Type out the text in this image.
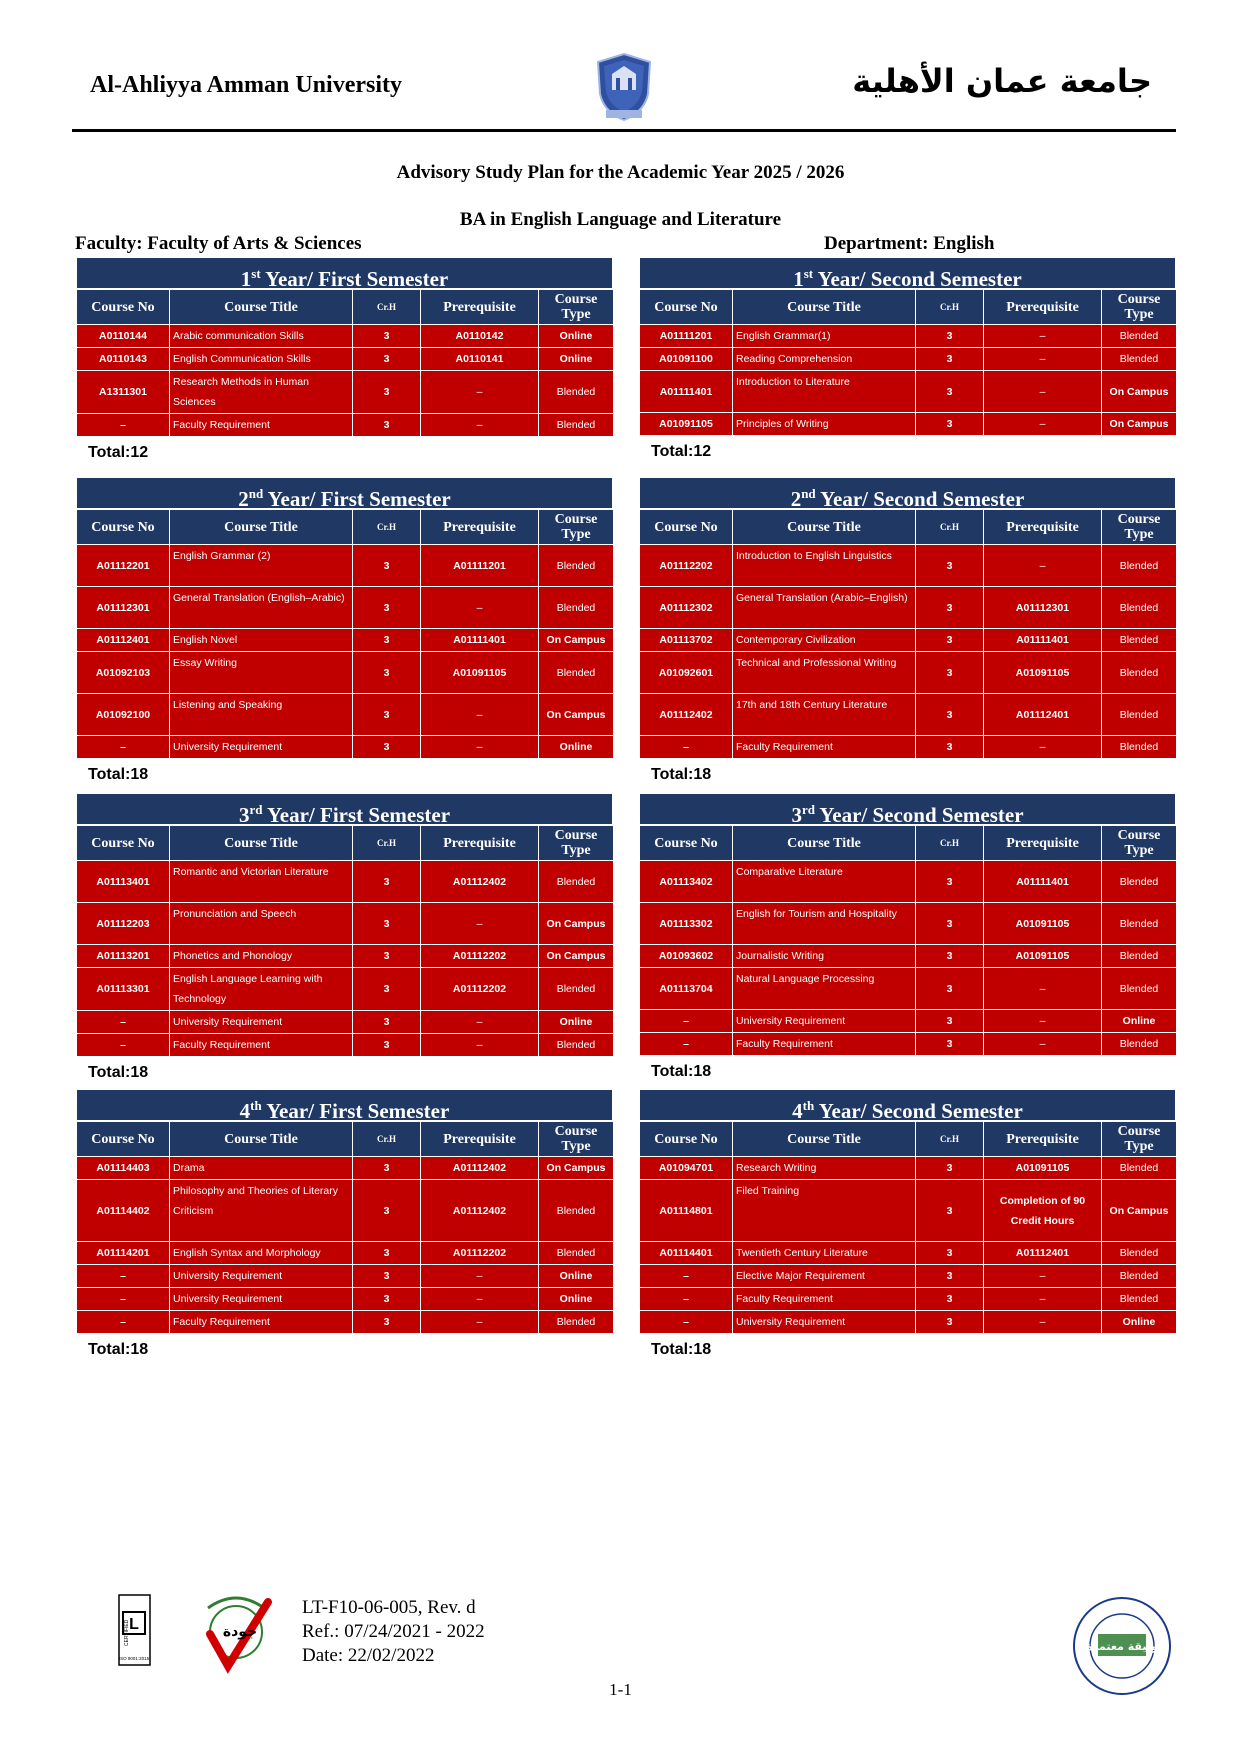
Al-Ahliyya Amman University	جامعة عمان الأهلية
Advisory Study Plan for the Academic Year 2025 / 2026
BA in English Language and Literature
Faculty: Faculty of Arts & Sciences	Department: English
1st Year/ First Semester
Course No	Course Title	Cr.H	Prerequisite	Course Type
A0110144	Arabic communication Skills	3	A0110142	Online
A0110143	English Communication Skills	3	A0110141	Online
A1311301	Research Methods in Human Sciences	3	–	Blended
–	Faculty Requirement	3	–	Blended
Total:12
1st Year/ Second Semester
Course No	Course Title	Cr.H	Prerequisite	Course Type
A01111201	English Grammar(1)	3	–	Blended
A01091100	Reading Comprehension	3	–	Blended
A01111401	Introduction to Literature	3	–	On Campus
A01091105	Principles of Writing	3	–	On Campus
Total:12
2nd Year/ First Semester
Course No	Course Title	Cr.H	Prerequisite	Course Type
A01112201	English Grammar (2)	3	A01111201	Blended
A01112301	General Translation (English–Arabic)	3	–	Blended
A01112401	English Novel	3	A01111401	On Campus
A01092103	Essay Writing	3	A01091105	Blended
A01092100	Listening and Speaking	3	–	On Campus
–	University Requirement	3	–	Online
Total:18
2nd Year/ Second Semester
Course No	Course Title	Cr.H	Prerequisite	Course Type
A01112202	Introduction to English Linguistics	3	–	Blended
A01112302	General Translation (Arabic–English)	3	A01112301	Blended
A01113702	Contemporary Civilization	3	A01111401	Blended
A01092601	Technical and Professional Writing	3	A01091105	Blended
A01112402	17th and 18th Century Literature	3	A01112401	Blended
–	Faculty Requirement	3	–	Blended
Total:18
3rd Year/ First Semester
Course No	Course Title	Cr.H	Prerequisite	Course Type
A01113401	Romantic and Victorian Literature	3	A01112402	Blended
A01112203	Pronunciation and Speech	3	–	On Campus
A01113201	Phonetics and Phonology	3	A01112202	On Campus
A01113301	English Language Learning with Technology	3	A01112202	Blended
–	University Requirement	3	–	Online
–	Faculty Requirement	3	–	Blended
Total:18
3rd Year/ Second Semester
Course No	Course Title	Cr.H	Prerequisite	Course Type
A01113402	Comparative Literature	3	A01111401	Blended
A01113302	English for Tourism and Hospitality	3	A01091105	Blended
A01093602	Journalistic Writing	3	A01091105	Blended
A01113704	Natural Language Processing	3	–	Blended
–	University Requirement	3	–	Online
–	Faculty Requirement	3	–	Blended
Total:18
4th Year/ First Semester
Course No	Course Title	Cr.H	Prerequisite	Course Type
A01114403	Drama	3	A01112402	On Campus
A01114402	Philosophy and Theories of Literary Criticism	3	A01112402	Blended
A01114201	English Syntax and Morphology	3	A01112202	Blended
–	University Requirement	3	–	Online
–	University Requirement	3	–	Online
–	Faculty Requirement	3	–	Blended
Total:18
4th Year/ Second Semester
Course No	Course Title	Cr.H	Prerequisite	Course Type
A01094701	Research Writing	3	A01091105	Blended
A01114801	Filed Training	3	Completion of 90 Credit Hours	On Campus
A01114401	Twentieth Century Literature	3	A01112401	Blended
–	Elective Major Requirement	3	–	Blended
–	Faculty Requirement	3	–	Blended
–	University Requirement	3	–	Online
Total:18
L
ISO 9001:2015
CERTIFIED	جودة
LT-F10-06-005, Rev. d
Ref.: 07/24/2021 - 2022
Date: 22/02/2022	وثيقة معتمدة
1-1
